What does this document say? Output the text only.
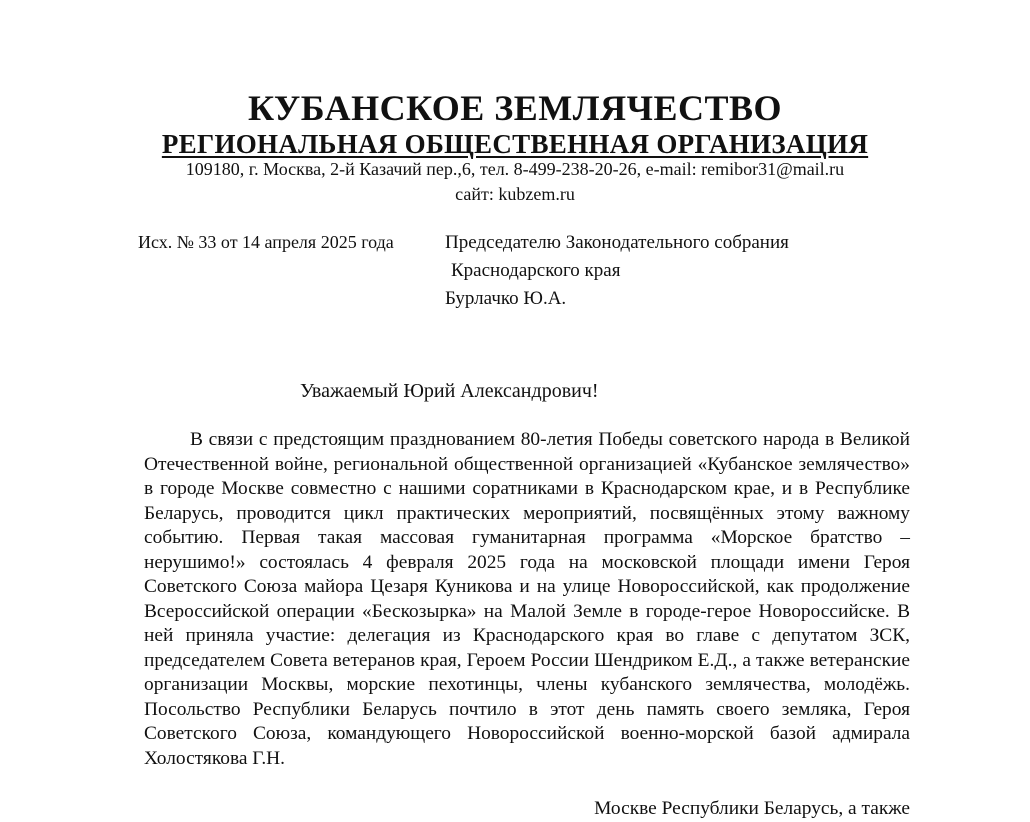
КУБАНСКОЕ ЗЕМЛЯЧЕСТВО
РЕГИОНАЛЬНАЯ ОБЩЕСТВЕННАЯ ОРГАНИЗАЦИЯ
109180, г. Москва, 2-й Казачий пер.,6, тел. 8-499-238-20-26, e-mail: remibor31@mail.ru
сайт: kubzem.ru
Исх. № 33 от 14 апреля 2025 года	Председателю Законодательного собрания
Краснодарского края
Бурлачко Ю.А.
Уважаемый Юрий Александрович!

В связи с предстоящим празднованием 80-летия Победы советского народа в Великой Отечественной войне, региональной общественной организацией «Кубанское землячество» в городе Москве совместно с нашими соратниками в Краснодарском крае, и в Республике Беларусь, проводится цикл практических мероприятий, посвящённых этому важному событию. Первая такая массовая гуманитарная программа «Морское братство – нерушимо!» состоялась 4 февраля 2025 года на московской площади имени Героя Советского Союза майора Цезаря Куникова и на улице Новороссийской, как продолжение Всероссийской операции «Бескозырка» на Малой Земле в городе-герое Новороссийске. В ней приняла участие: делегация из Краснодарского края во главе с депутатом ЗСК, председателем Совета ветеранов края, Героем России Шендриком Е.Д., а также ветеранские организации Москвы, морские пехотинцы, члены кубанского землячества, молодёжь. Посольство Республики Беларусь почтило в этот день память своего земляка, Героя Советского Союза, командующего Новороссийской военно-морской базой адмирала Холостякова Г.Н.

Москве Республики Беларусь, а также
